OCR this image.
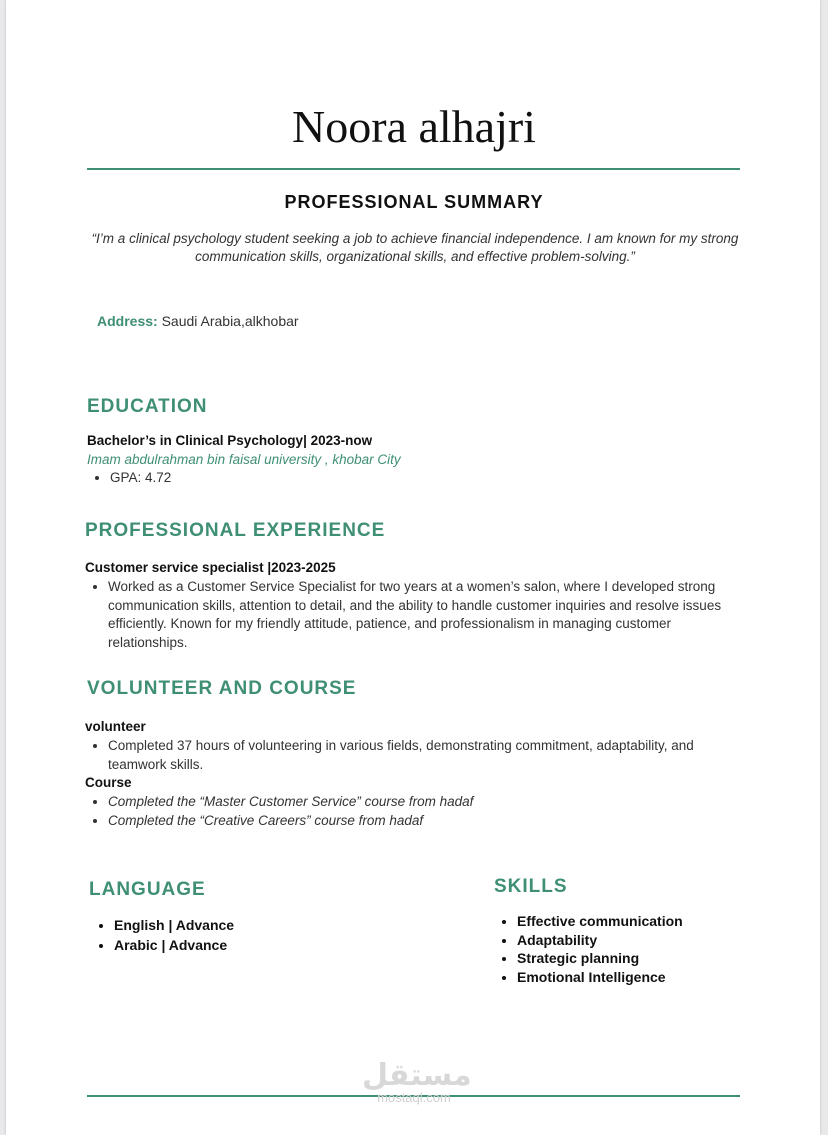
Noora alhajri
PROFESSIONAL SUMMARY

“I’m a clinical psychology student seeking a job to achieve financial independence. I am known for my strong communication skills, organizational skills, and effective problem-solving.”

Address: Saudi Arabia,alkhobar

EDUCATION

Bachelor’s in Clinical Psychology| 2023-now

Imam abdulrahman bin faisal university , khobar City

• GPA: 4.72
PROFESSIONAL EXPERIENCE

Customer service specialist |2023-2025

• Worked as a Customer Service Specialist for two years at a women’s salon, where I developed strong communication skills, attention to detail, and the ability to handle customer inquiries and resolve issues efficiently. Known for my friendly attitude, patience, and professionalism in managing customer relationships.
VOLUNTEER AND COURSE

volunteer

• Completed 37 hours of volunteering in various fields, demonstrating commitment, adaptability, and teamwork skills.

Course

• Completed the “Master Customer Service” course from hadaf
• Completed the “Creative Careers” course from hadaf
LANGUAGE
• English | Advance
• Arabic | Advance
SKILLS
• Effective communication
• Adaptability
• Strategic planning
• Emotional Intelligence
مستقل
mostaql.com
